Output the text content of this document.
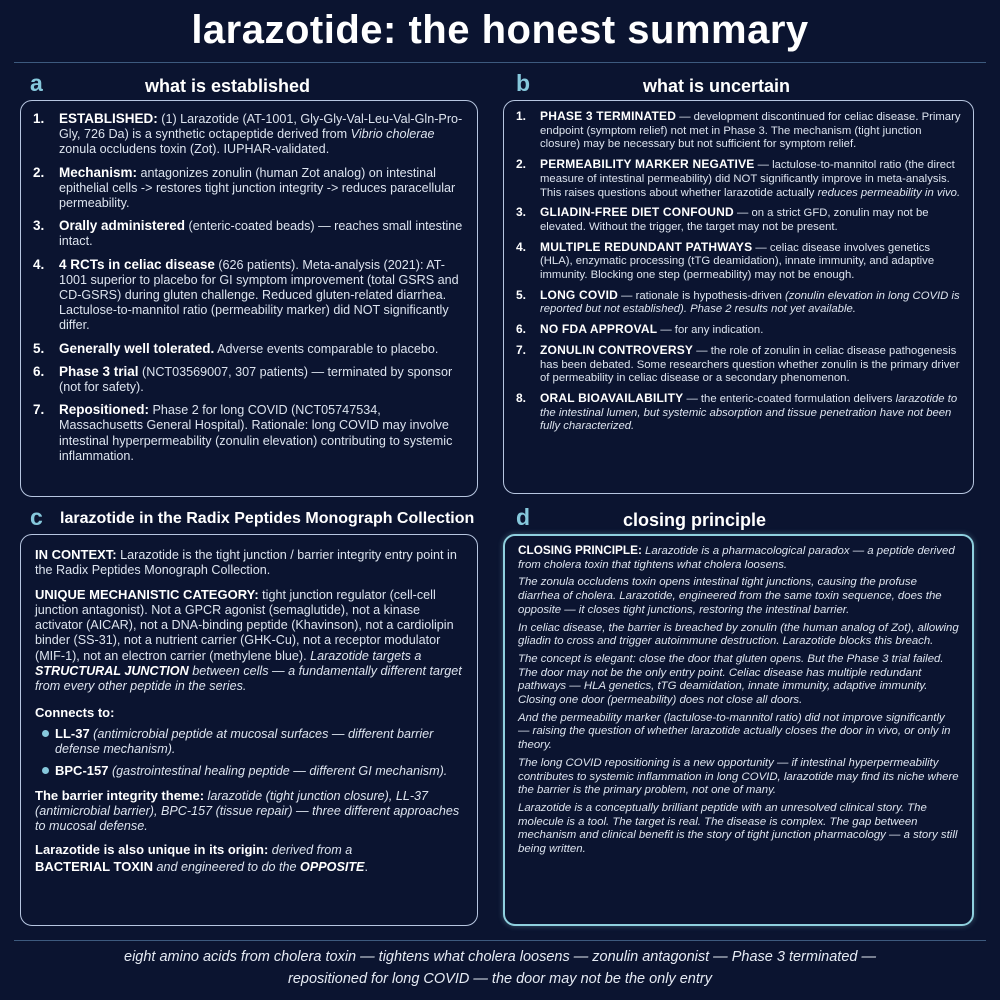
larazotide: the honest summary
a	what is established
1.	ESTABLISHED: (1) Larazotide (AT-1001, Gly-Gly-Val-Leu-Val-Gln-Pro-Gly, 726 Da) is a synthetic octapeptide derived from Vibrio cholerae zonula occludens toxin (Zot). IUPHAR-validated.
2.	Mechanism: antagonizes zonulin (human Zot analog) on intestinal epithelial cells -> restores tight junction integrity -> reduces paracellular permeability.
3.	Orally administered (enteric-coated beads) — reaches small intestine intact.
4.	4 RCTs in celiac disease (626 patients). Meta-analysis (2021): AT-1001 superior to placebo for GI symptom improvement (total GSRS and CD-GSRS) during gluten challenge. Reduced gluten-related diarrhea. Lactulose-to-mannitol ratio (permeability marker) did NOT significantly differ.
5.	Generally well tolerated. Adverse events comparable to placebo.
6.	Phase 3 trial (NCT03569007, 307 patients) — terminated by sponsor (not for safety).
7.	Repositioned: Phase 2 for long COVID (NCT05747534, Massachusetts General Hospital). Rationale: long COVID may involve intestinal hyperpermeability (zonulin elevation) contributing to systemic inflammation.
b	what is uncertain
1.	PHASE 3 TERMINATED — development discontinued for celiac disease. Primary endpoint (symptom relief) not met in Phase 3. The mechanism (tight junction closure) may be necessary but not sufficient for symptom relief.
2.	PERMEABILITY MARKER NEGATIVE — lactulose-to-mannitol ratio (the direct measure of intestinal permeability) did NOT significantly improve in meta-analysis. This raises questions about whether larazotide actually reduces permeability in vivo.
3.	GLIADIN-FREE DIET CONFOUND — on a strict GFD, zonulin may not be elevated. Without the trigger, the target may not be present.
4.	MULTIPLE REDUNDANT PATHWAYS — celiac disease involves genetics (HLA), enzymatic processing (tTG deamidation), innate immunity, and adaptive immunity. Blocking one step (permeability) may not be enough.
5.	LONG COVID — rationale is hypothesis-driven (zonulin elevation in long COVID is reported but not established). Phase 2 results not yet available.
6.	NO FDA APPROVAL — for any indication.
7.	ZONULIN CONTROVERSY — the role of zonulin in celiac disease pathogenesis has been debated. Some researchers question whether zonulin is the primary driver of permeability in celiac disease or a secondary phenomenon.
8.	ORAL BIOAVAILABILITY — the enteric-coated formulation delivers larazotide to the intestinal lumen, but systemic absorption and tissue penetration have not been fully characterized.
c larazotide in the Radix Peptides Monograph Collection

IN CONTEXT: Larazotide is the tight junction / barrier integrity entry point in the Radix Peptides Monograph Collection.

UNIQUE MECHANISTIC CATEGORY: tight junction regulator (cell-cell junction antagonist). Not a GPCR agonist (semaglutide), not a kinase activator (AICAR), not a DNA-binding peptide (Khavinson), not a cardiolipin binder (SS-31), not a nutrient carrier (GHK-Cu), not a receptor modulator (MIF-1), not an electron carrier (methylene blue). Larazotide targets a STRUCTURAL JUNCTION between cells — a fundamentally different target from every other peptide in the series.

Connects to:
LL-37 (antimicrobial peptide at mucosal surfaces — different barrier defense mechanism).
BPC-157 (gastrointestinal healing peptide — different GI mechanism).

The barrier integrity theme: larazotide (tight junction closure), LL-37 (antimicrobial barrier), BPC-157 (tissue repair) — three different approaches to mucosal defense.

Larazotide is also unique in its origin: derived from a
BACTERIAL TOXIN and engineered to do the OPPOSITE.

d	closing principle

CLOSING PRINCIPLE: Larazotide is a pharmacological paradox — a peptide derived from cholera toxin that tightens what cholera loosens.

The zonula occludens toxin opens intestinal tight junctions, causing the profuse diarrhea of cholera. Larazotide, engineered from the same toxin sequence, does the opposite — it closes tight junctions, restoring the intestinal barrier.

In celiac disease, the barrier is breached by zonulin (the human analog of Zot), allowing gliadin to cross and trigger autoimmune destruction. Larazotide blocks this breach.

The concept is elegant: close the door that gluten opens. But the Phase 3 trial failed. The door may not be the only entry point. Celiac disease has multiple redundant pathways — HLA genetics, tTG deamidation, innate immunity, adaptive immunity. Closing one door (permeability) does not close all doors.

And the permeability marker (lactulose-to-mannitol ratio) did not improve significantly — raising the question of whether larazotide actually closes the door in vivo, or only in theory.

The long COVID repositioning is a new opportunity — if intestinal hyperpermeability contributes to systemic inflammation in long COVID, larazotide may find its niche where the barrier is the primary problem, not one of many.

Larazotide is a conceptually brilliant peptide with an unresolved clinical story. The molecule is a tool. The target is real. The disease is complex. The gap between mechanism and clinical benefit is the story of tight junction pharmacology — a story still being written.

eight amino acids from cholera toxin — tightens what cholera loosens — zonulin antagonist — Phase 3 terminated —
repositioned for long COVID — the door may not be the only entry
